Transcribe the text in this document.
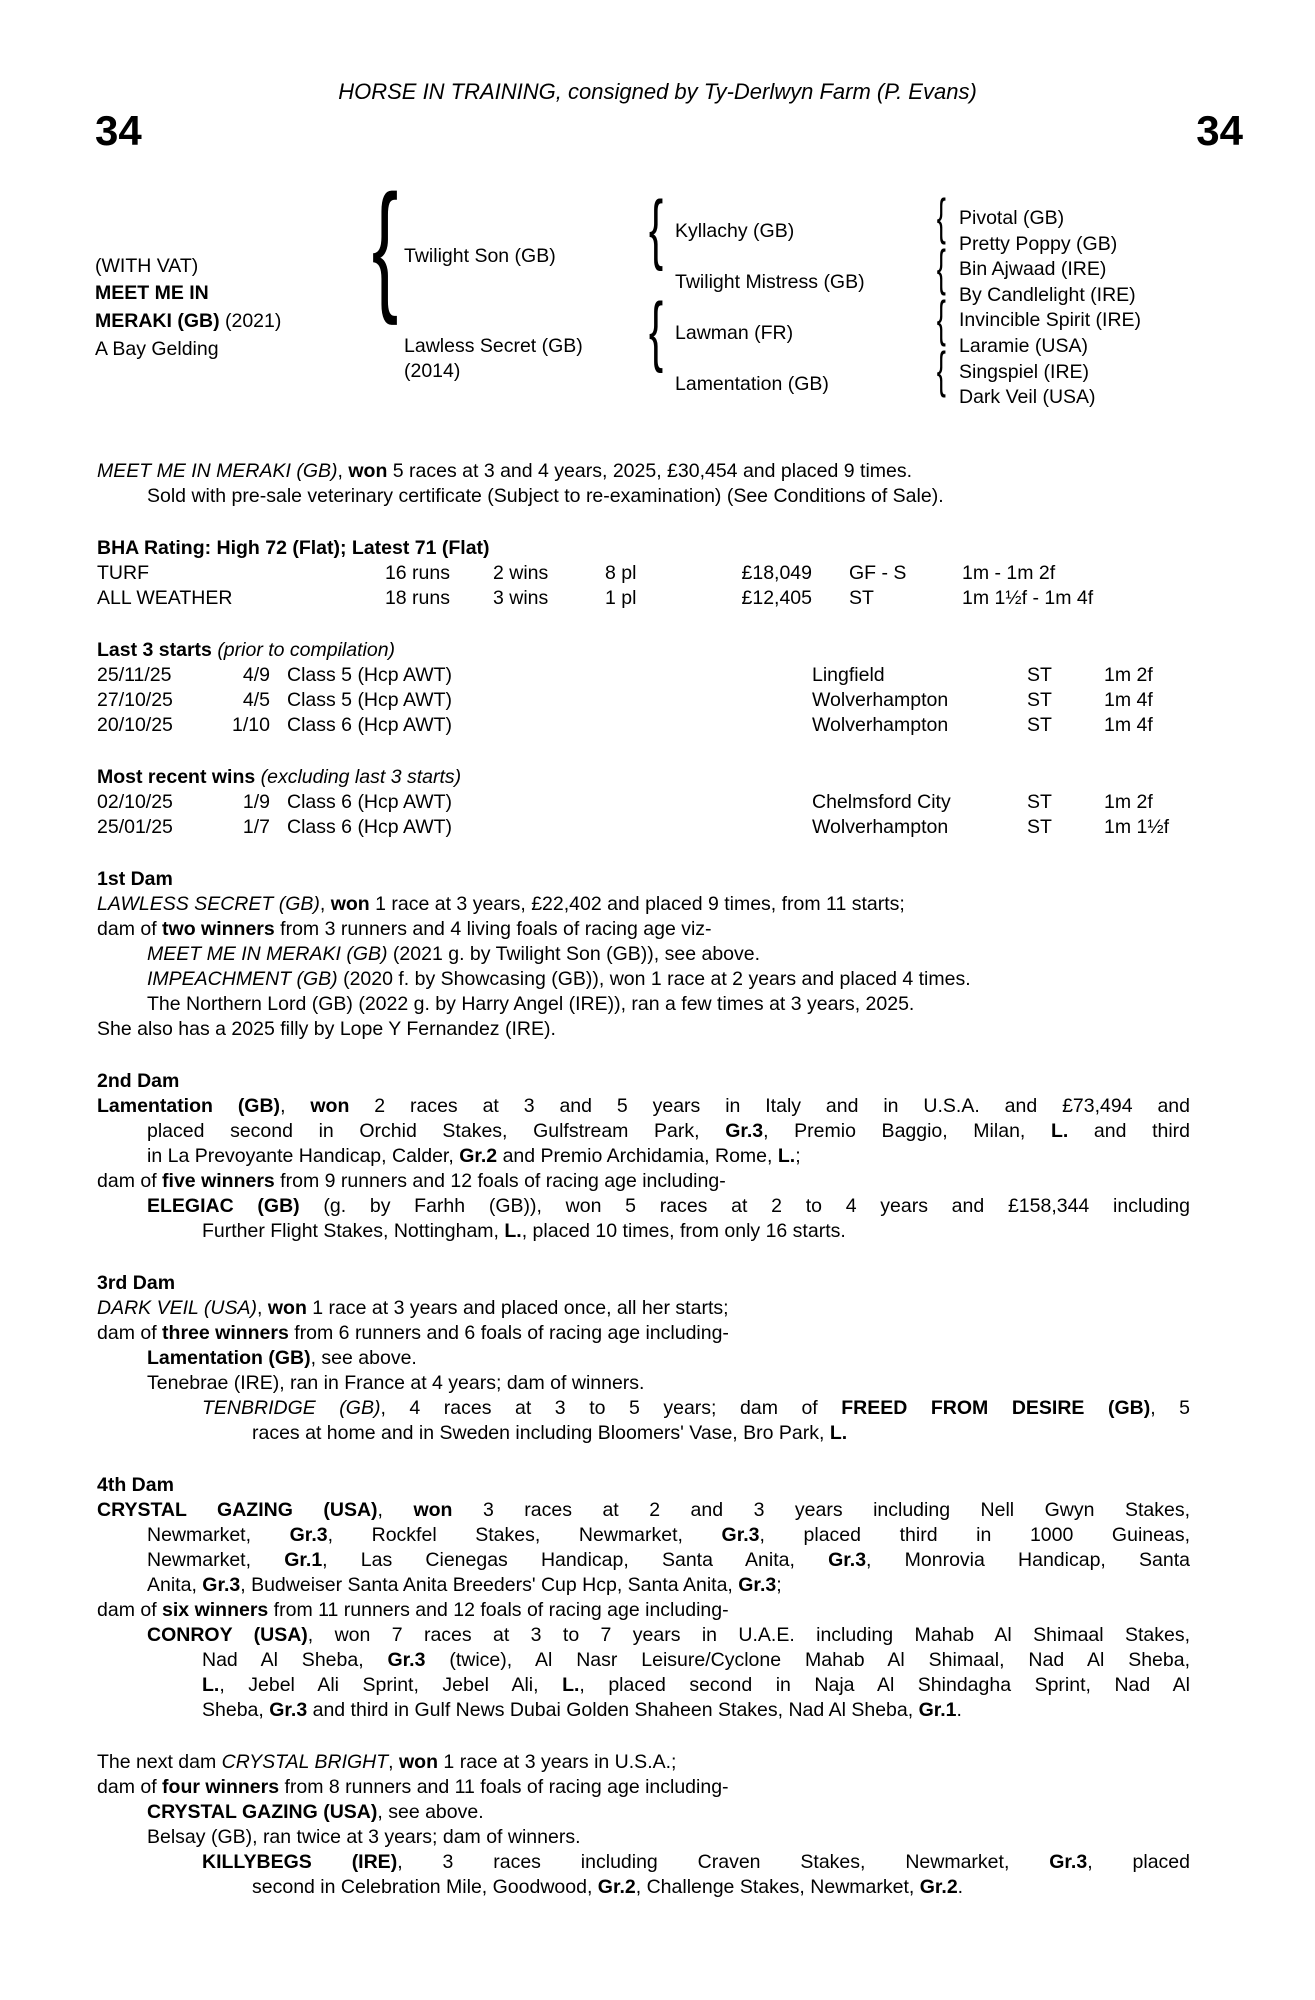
HORSE IN TRAINING, consigned by Ty-Derlwyn Farm (P. Evans)
34	34
(WITH VAT)
MEET ME IN
MERAKI (GB) (2021)
A Bay Gelding
{
Twilight Son (GB)
Lawless Secret (GB)
(2014)
{
{
Kyllachy (GB)
Twilight Mistress (GB)
Lawman (FR)
Lamentation (GB)
{
{
{
{
Pivotal (GB)
Pretty Poppy (GB)
Bin Ajwaad (IRE)
By Candlelight (IRE)
Invincible Spirit (IRE)
Laramie (USA)
Singspiel (IRE)
Dark Veil (USA)
MEET ME IN MERAKI (GB), won 5 races at 3 and 4 years, 2025, £30,454 and placed 9 times.
Sold with pre-sale veterinary certificate (Subject to re-examination) (See Conditions of Sale).
BHA Rating: High 72 (Flat); Latest 71 (Flat)
TURF	16 runs 2 wins	8 pl	£18,049 GF - S	1m - 1m 2f
ALL WEATHER	18 runs 3 wins	1 pl	£12,405 ST	1m 1½f - 1m 4f
Last 3 starts (prior to compilation)
25/11/25	4/9 Class 5 (Hcp AWT)	Lingfield	ST	1m 2f
27/10/25	4/5 Class 5 (Hcp AWT)	Wolverhampton	ST	1m 4f
20/10/25	1/10 Class 6 (Hcp AWT)	Wolverhampton	ST	1m 4f
Most recent wins (excluding last 3 starts)
02/10/25	1/9 Class 6 (Hcp AWT)	Chelmsford City	ST	1m 2f
25/01/25	1/7 Class 6 (Hcp AWT)	Wolverhampton	ST	1m 1½f
1st Dam
LAWLESS SECRET (GB), won 1 race at 3 years, £22,402 and placed 9 times, from 11 starts;
dam of two winners from 3 runners and 4 living foals of racing age viz-
MEET ME IN MERAKI (GB) (2021 g. by Twilight Son (GB)), see above.
IMPEACHMENT (GB) (2020 f. by Showcasing (GB)), won 1 race at 2 years and placed 4 times.
The Northern Lord (GB) (2022 g. by Harry Angel (IRE)), ran a few times at 3 years, 2025.
She also has a 2025 filly by Lope Y Fernandez (IRE).
2nd Dam
Lamentation (GB), won 2 races at 3 and 5 years in Italy and in U.S.A. and £73,494 and
placed second in Orchid Stakes, Gulfstream Park, Gr.3, Premio Baggio, Milan, L. and third
in La Prevoyante Handicap, Calder, Gr.2 and Premio Archidamia, Rome, L.;
dam of five winners from 9 runners and 12 foals of racing age including-
ELEGIAC (GB) (g. by Farhh (GB)), won 5 races at 2 to 4 years and £158,344 including
Further Flight Stakes, Nottingham, L., placed 10 times, from only 16 starts.
3rd Dam
DARK VEIL (USA), won 1 race at 3 years and placed once, all her starts;
dam of three winners from 6 runners and 6 foals of racing age including-
Lamentation (GB), see above.
Tenebrae (IRE), ran in France at 4 years; dam of winners.
TENBRIDGE (GB), 4 races at 3 to 5 years; dam of FREED FROM DESIRE (GB), 5
races at home and in Sweden including Bloomers' Vase, Bro Park, L.
4th Dam
CRYSTAL GAZING (USA), won 3 races at 2 and 3 years including Nell Gwyn Stakes,
Newmarket, Gr.3, Rockfel Stakes, Newmarket, Gr.3, placed third in 1000 Guineas,
Newmarket, Gr.1, Las Cienegas Handicap, Santa Anita, Gr.3, Monrovia Handicap, Santa
Anita, Gr.3, Budweiser Santa Anita Breeders' Cup Hcp, Santa Anita, Gr.3;
dam of six winners from 11 runners and 12 foals of racing age including-
CONROY (USA), won 7 races at 3 to 7 years in U.A.E. including Mahab Al Shimaal Stakes,
Nad Al Sheba, Gr.3 (twice), Al Nasr Leisure/Cyclone Mahab Al Shimaal, Nad Al Sheba,
L., Jebel Ali Sprint, Jebel Ali, L., placed second in Naja Al Shindagha Sprint, Nad Al
Sheba, Gr.3 and third in Gulf News Dubai Golden Shaheen Stakes, Nad Al Sheba, Gr.1.
The next dam CRYSTAL BRIGHT, won 1 race at 3 years in U.S.A.;
dam of four winners from 8 runners and 11 foals of racing age including-
CRYSTAL GAZING (USA), see above.
Belsay (GB), ran twice at 3 years; dam of winners.
KILLYBEGS (IRE), 3 races including Craven Stakes, Newmarket, Gr.3, placed
second in Celebration Mile, Goodwood, Gr.2, Challenge Stakes, Newmarket, Gr.2.
